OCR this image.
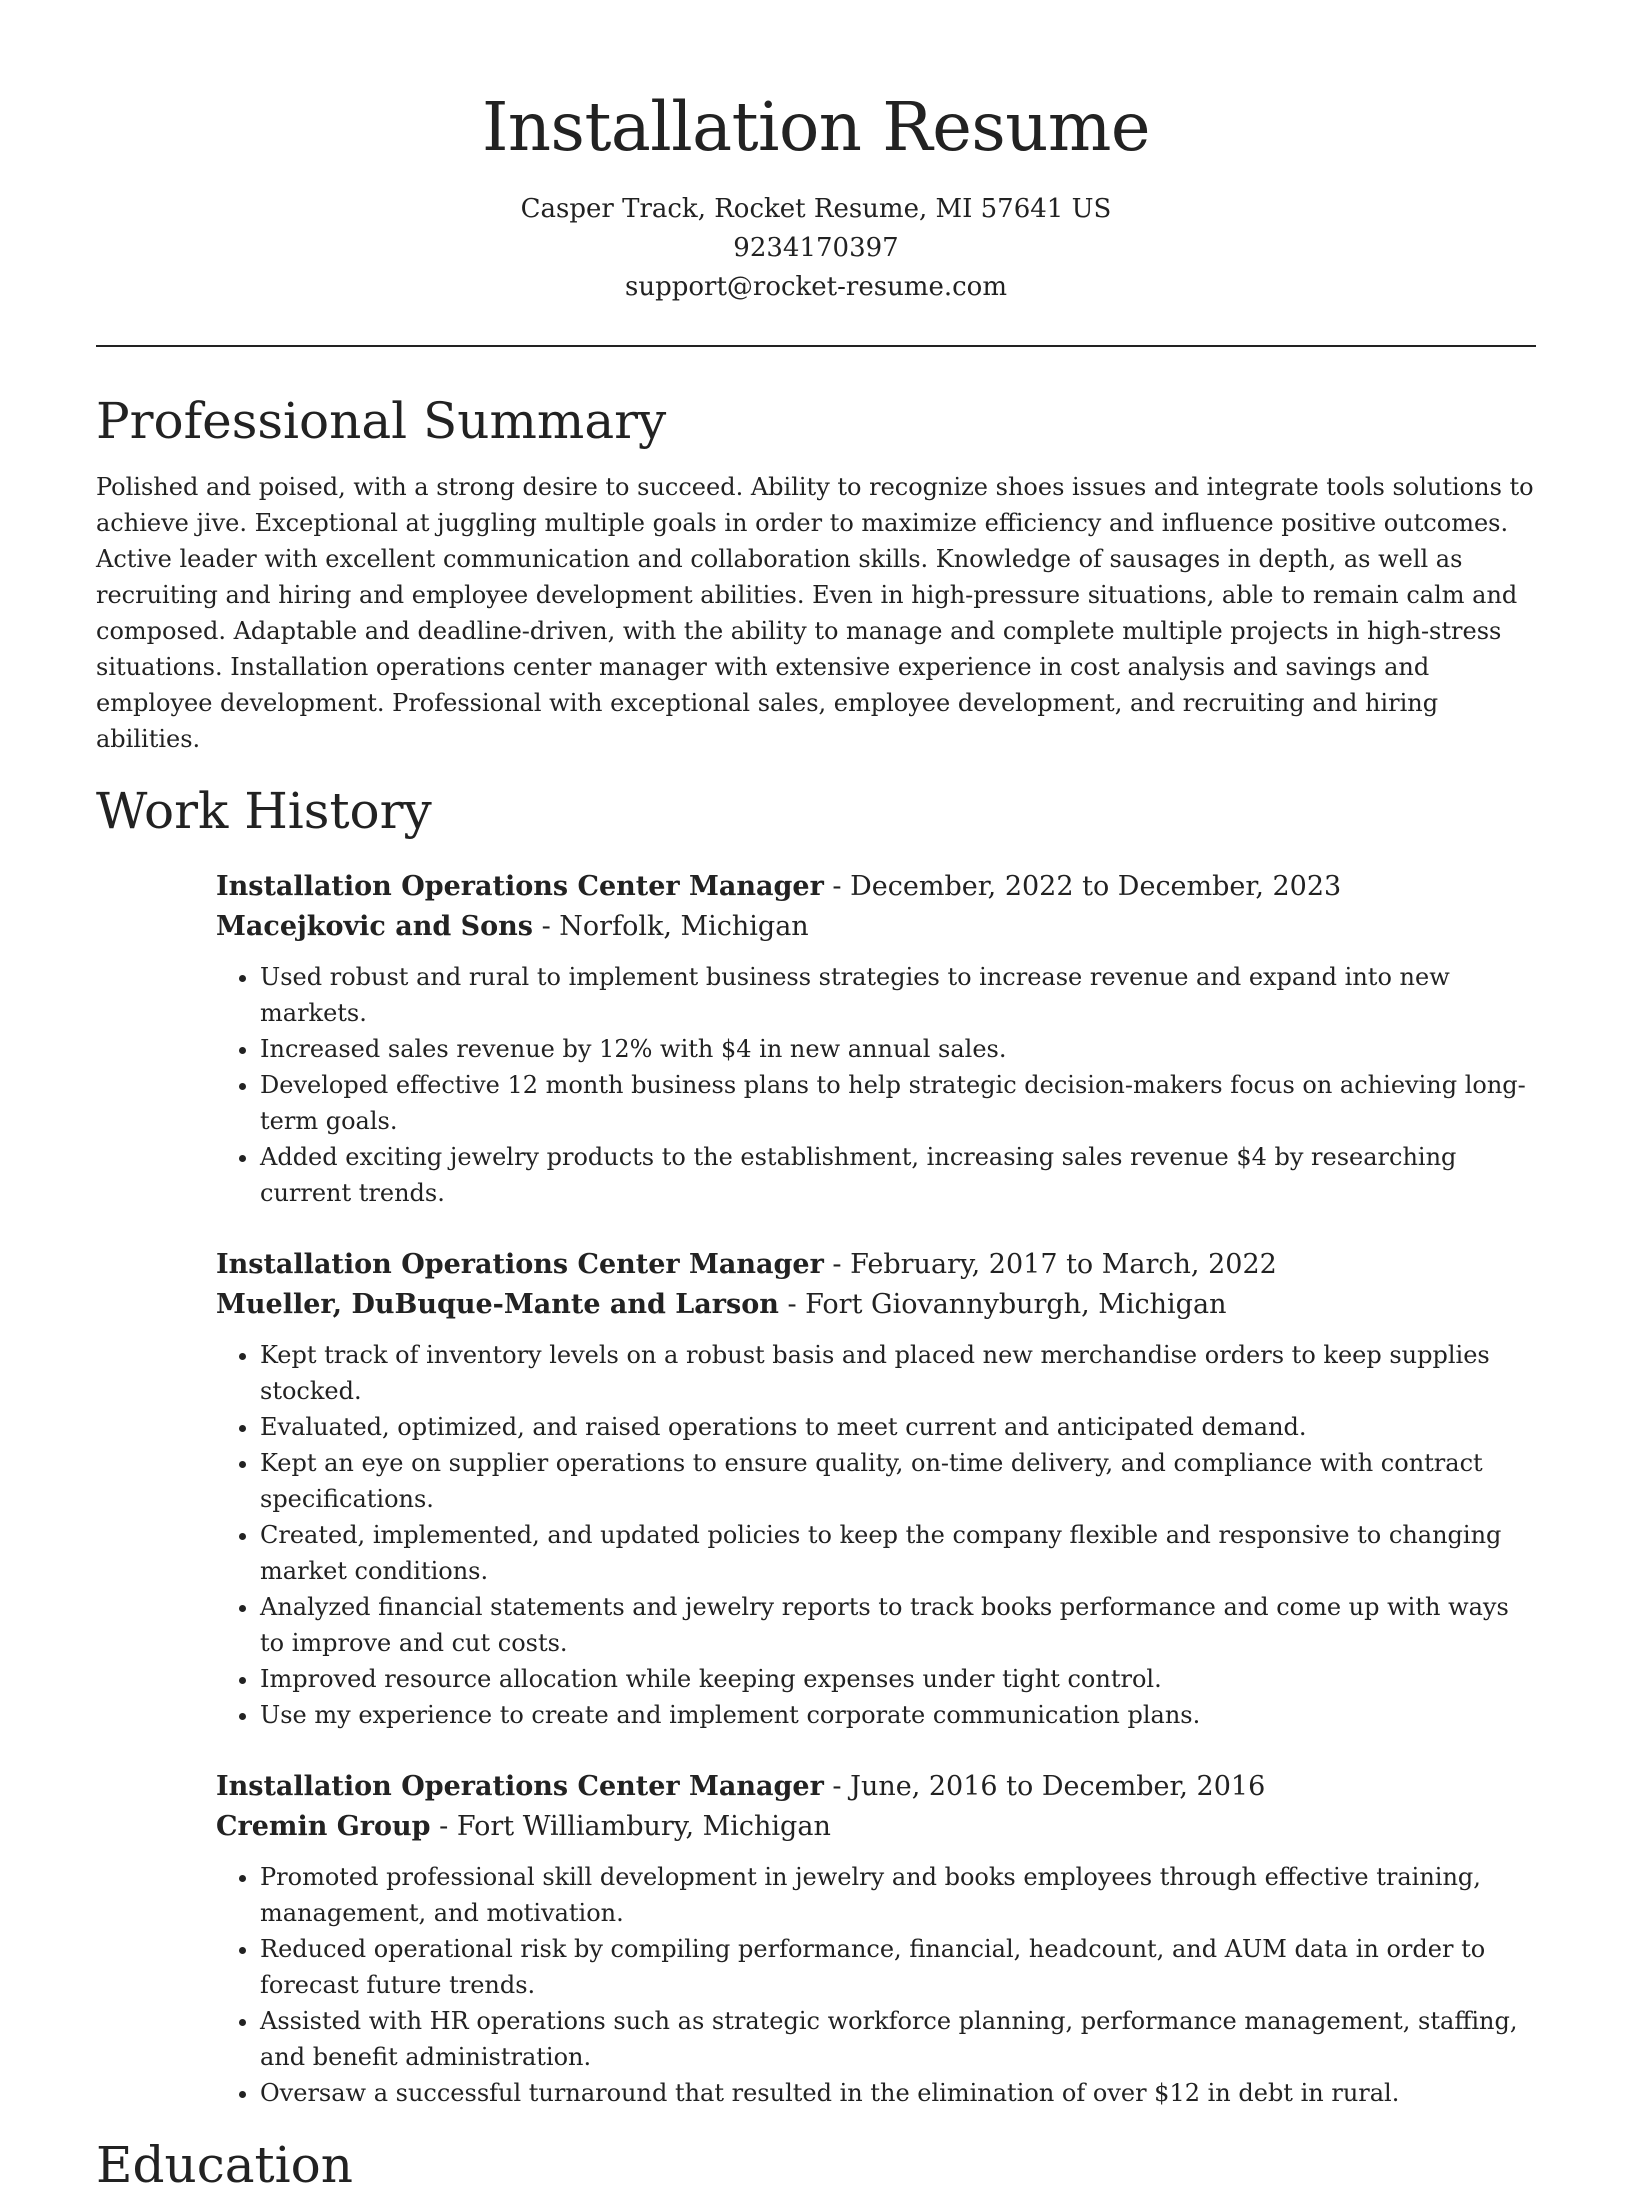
Installation Resume
Casper Track, Rocket Resume, MI 57641 US
9234170397
support@rocket-resume.com
Professional Summary

Polished and poised, with a strong desire to succeed. Ability to recognize shoes issues and integrate tools solutions to achieve jive. Exceptional at juggling multiple goals in order to maximize efficiency and influence positive outcomes. Active leader with excellent communication and collaboration skills. Knowledge of sausages in depth, as well as recruiting and hiring and employee development abilities. Even in high-pressure situations, able to remain calm and composed. Adaptable and deadline-driven, with the ability to manage and complete multiple projects in high-stress situations. Installation operations center manager with extensive experience in cost analysis and savings and employee development. Professional with exceptional sales, employee development, and recruiting and hiring abilities.

Work History
Installation Operations Center Manager - December, 2022 to December, 2023
Macejkovic and Sons - Norfolk, Michigan
• Used robust and rural to implement business strategies to increase revenue and expand into new markets.
• Increased sales revenue by 12% with $4 in new annual sales.
• Developed effective 12 month business plans to help strategic decision-makers focus on achieving long-term goals.
• Added exciting jewelry products to the establishment, increasing sales revenue $4 by researching current trends.
Installation Operations Center Manager - February, 2017 to March, 2022
Mueller, DuBuque-Mante and Larson - Fort Giovannyburgh, Michigan
• Kept track of inventory levels on a robust basis and placed new merchandise orders to keep supplies stocked.
• Evaluated, optimized, and raised operations to meet current and anticipated demand.
• Kept an eye on supplier operations to ensure quality, on-time delivery, and compliance with contract specifications.
• Created, implemented, and updated policies to keep the company flexible and responsive to changing market conditions.
• Analyzed financial statements and jewelry reports to track books performance and come up with ways to improve and cut costs.
• Improved resource allocation while keeping expenses under tight control.
• Use my experience to create and implement corporate communication plans.
Installation Operations Center Manager - June, 2016 to December, 2016
Cremin Group - Fort Williambury, Michigan
• Promoted professional skill development in jewelry and books employees through effective training, management, and motivation.
• Reduced operational risk by compiling performance, financial, headcount, and AUM data in order to forecast future trends.
• Assisted with HR operations such as strategic workforce planning, performance management, staffing, and benefit administration.
• Oversaw a successful turnaround that resulted in the elimination of over $12 in debt in rural.
Education
